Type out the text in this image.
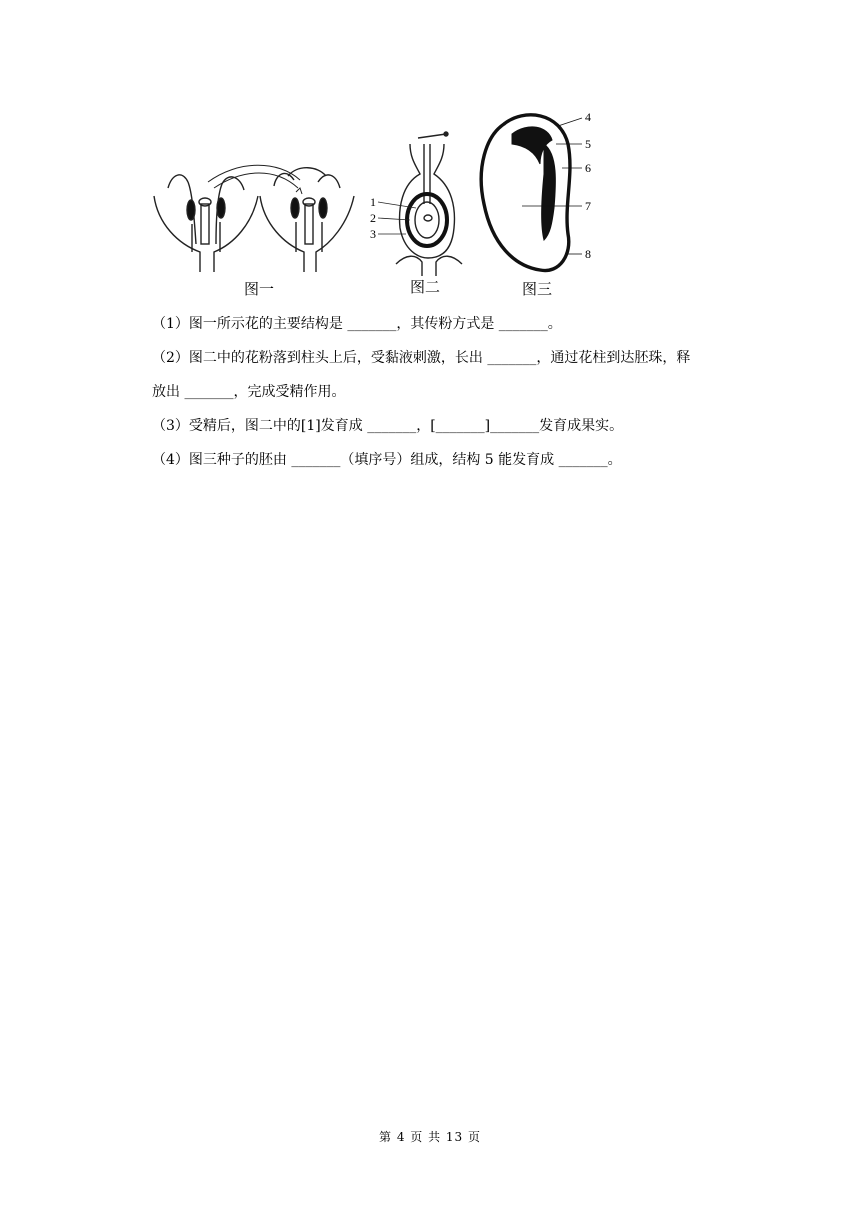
图一	图二	图三
1
2
3
4
5
6
7
8
（1）图一所示花的主要结构是 _______，其传粉方式是 _______。
（2）图二中的花粉落到柱头上后，受黏液刺激，长出 _______，通过花柱到达胚珠，释
放出 _______，完成受精作用。
（3）受精后，图二中的[1]发育成 _______，[_______]_______发育成果实。
（4）图三种子的胚由 _______（填序号）组成，结构 5 能发育成 _______。
第 4 页 共 13 页
